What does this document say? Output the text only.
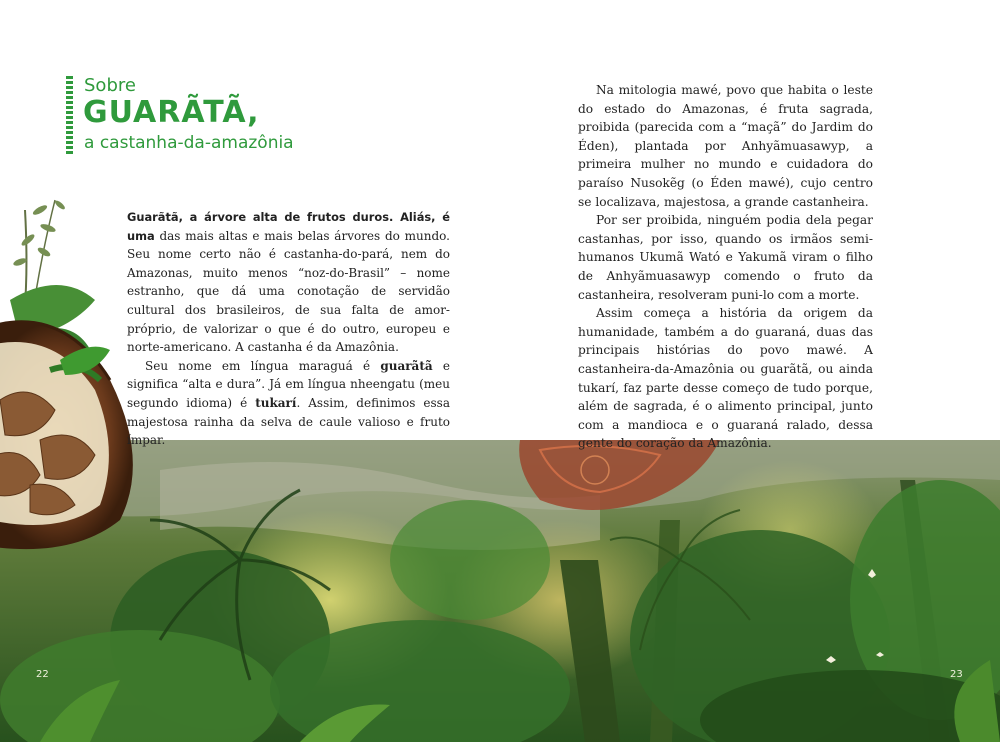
Sobre
GUARÃTÃ,
a castanha-da-amazônia

Guarãtã, a árvore alta de frutos duros. Aliás, é uma das mais altas e mais belas árvores do mundo. Seu nome certo não é castanha-do-pará, nem do Amazonas, muito menos “noz-do-Brasil” – nome estranho, que dá uma conotação de servidão cultural dos brasileiros, de sua falta de amor-próprio, de valorizar o que é do outro, europeu e norte-americano. A castanha é da Amazônia.

Seu nome em língua maraguá é guarãtã e significa “alta e dura”. Já em língua nheengatu (meu segundo idioma) é tukarí. Assim, definimos essa majestosa rainha da selva de caule valioso e fruto ímpar.

Na mitologia mawé, povo que habita o leste do estado do Amazonas, é fruta sagrada, proibida (parecida com a “maçã” do Jardim do Éden), plantada por Anhyãmuasawyp, a primeira mulher no mundo e cuidadora do paraíso Nusokẽg (o Éden mawé), cujo centro se localizava, majestosa, a grande castanheira.

Por ser proibida, ninguém podia dela pegar castanhas, por isso, quando os irmãos semi-humanos Ukumã Wató e Yakumã viram o filho de Anhyãmuasawyp comendo o fruto da castanheira, resolveram puni-lo com a morte.

Assim começa a história da origem da humanidade, também a do guaraná, duas das principais histórias do povo mawé. A castanheira-da-Amazônia ou guarãtã, ou ainda tukarí, faz parte desse começo de tudo porque, além de sagrada, é o alimento principal, junto com a mandioca e o guaraná ralado, dessa gente do coração da Amazônia.

22	23
